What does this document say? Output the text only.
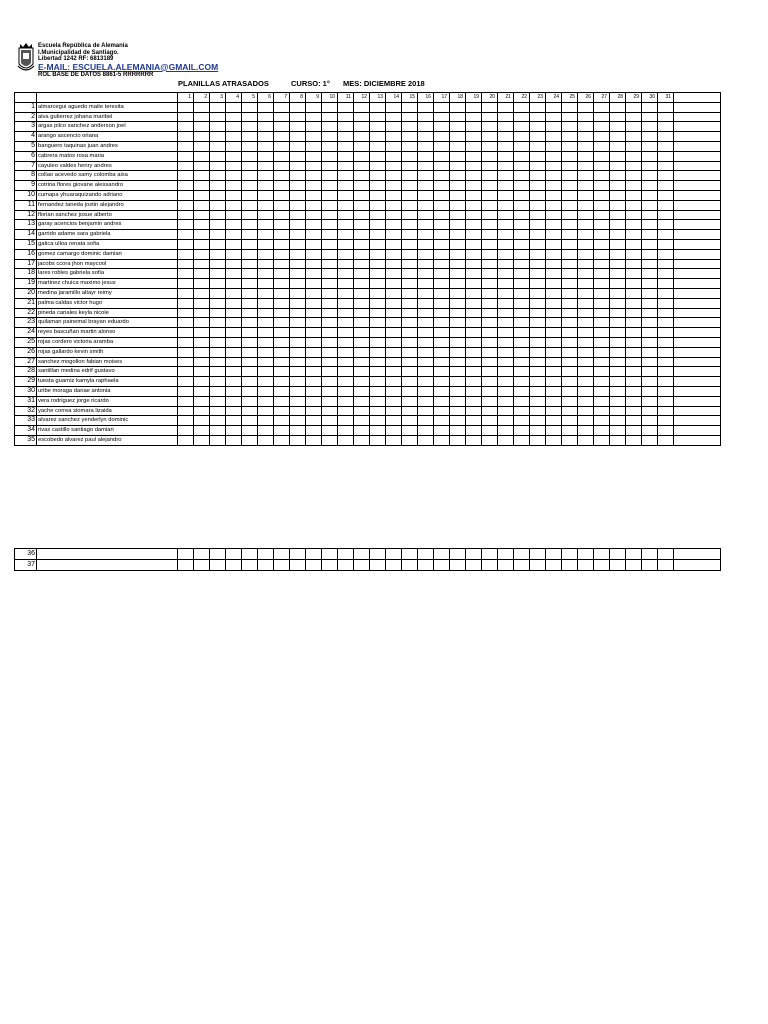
Escuela República de Alemania
I.Municipalidad de Santiago.
Libertad 1242 RF: 6813189
E-MAIL: ESCUELA.ALEMANIA@GMAIL.COM
ROL BASE DE DATOS 8861-5 RRRRRRR
PLANILLAS ATRASADOS	CURSO: 1° MES: DICIEMBRE 2018
		1	2	3	4	5	6	7	8	9	10	11	12	13	14	15	16	17	18	19	20	21	22	23	24	25	26	27	28	29	30	31	
1	almarcegui aguedo maite teresita																																
2	alva gutierrez johana maribel																																
3	argas pilco sanchez anderson joel																																
4	arango ascencio oriana																																
5	banguero taquinas juan andres																																
6	cabrera matos rosa maria																																
7	cayuleo valdes henry andres																																
8	collao acevedo samy colomba aixa																																
9	cotrina flores giovane alessandro																																
10	cumapa yhuaraquizando adriano																																
11	fernandez taneda jostin alejandro																																
12	florian sanchez josue alberto																																
13	garay acencios benjamin andres																																
14	garrido adame sara gabriela																																
15	gatica ulloa renata sofia																																
16	gomez camargo dominic damian																																
17	jacobs ccora jhon maycool																																
18	lares robles gabriela sofia																																
19	martinez chuica maximo jesus																																
20	medina jaramillo altayr reimy																																
21	palma caldas victor hugo																																
22	pineda canales keyla nicole																																
23	quilaman painemal brayan eduardo																																
24	reyes bascuñan martin alonso																																
25	rojas cordero victoria aramba																																
26	rojas gallardo kevin smith																																
27	sanchez mogollon fabian moises																																
28	santillan medina edrif gustavo																																
29	tuesta guarniz kamyla raphaela																																
30	uribe moraga danae antonia																																
31	vera rodriguez jorge ricardo																																
32	yache correa siomara lizaida																																
33	alvarez sanchez yenderlyn dominic																																
34	rivas castillo santiago damian																																
35	escobedo alvarez paul alejandro																																
36																																	
37																																	
